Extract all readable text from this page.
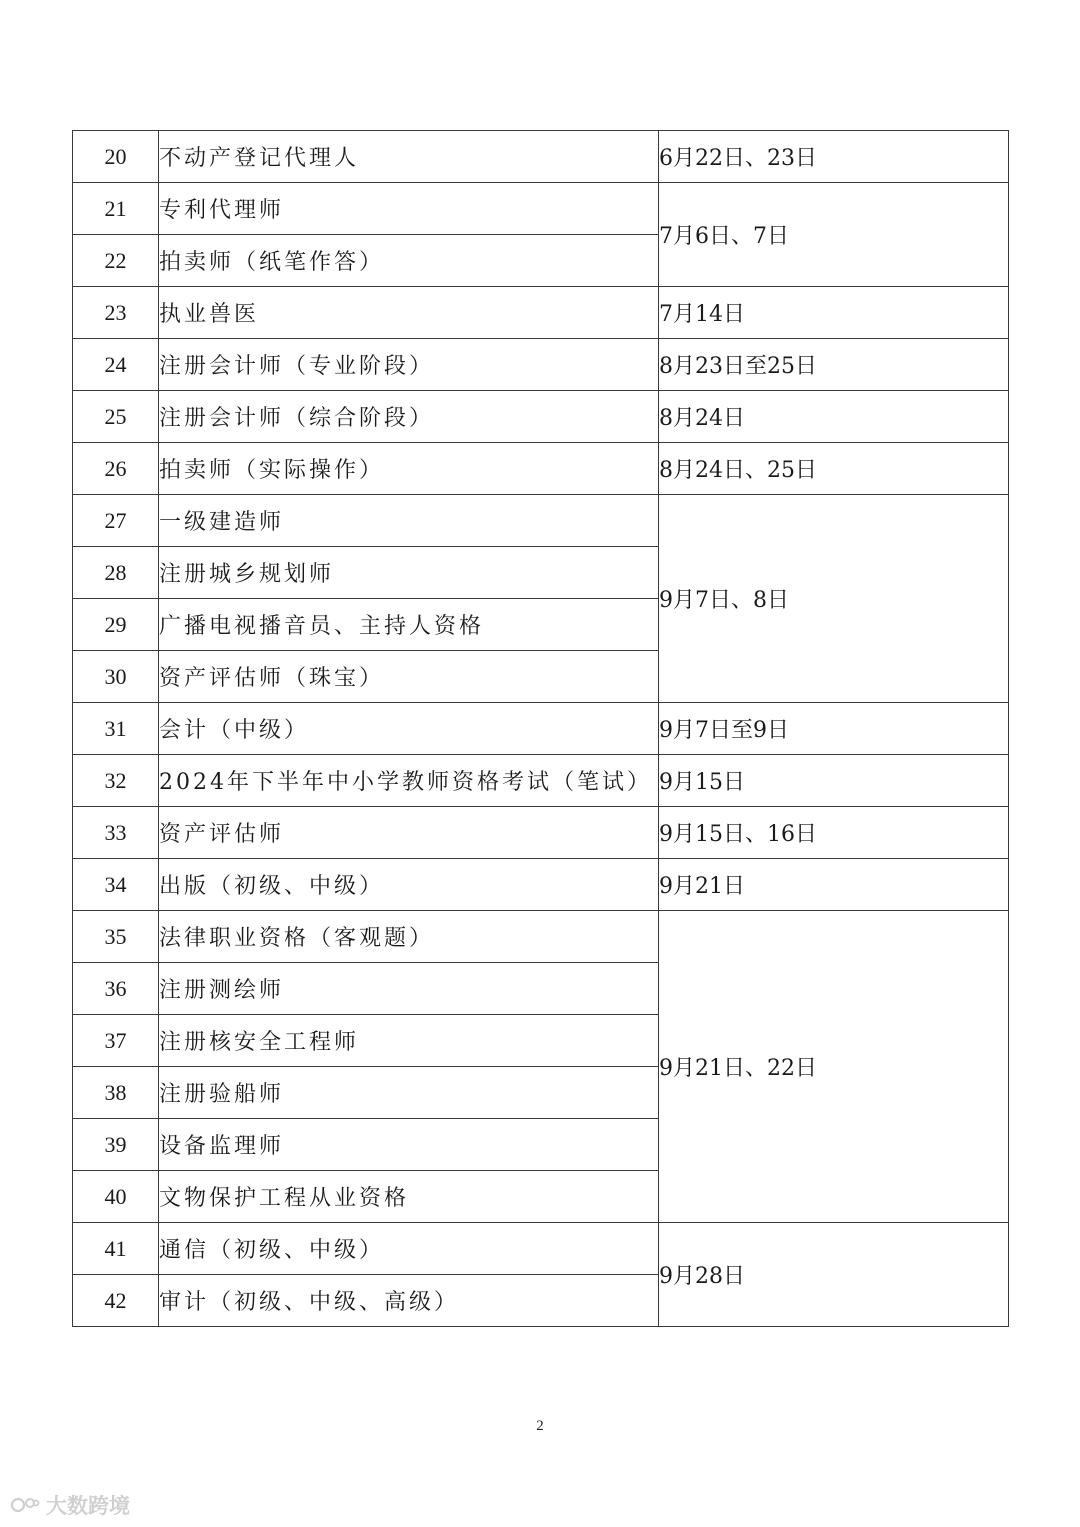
20	不动产登记代理人	6月22日、23日
21	专利代理师	7月6日、7日
22	拍卖师（纸笔作答）	
23	执业兽医	7月14日
24	注册会计师（专业阶段）	8月23日至25日
25	注册会计师（综合阶段）	8月24日
26	拍卖师（实际操作）	8月24日、25日
27	一级建造师	9月7日、8日
28	注册城乡规划师	
29	广播电视播音员、主持人资格	
30	资产评估师（珠宝）	
31	会计（中级）	9月7日至9日
32	2024年下半年中小学教师资格考试（笔试）	9月15日
33	资产评估师	9月15日、16日
34	出版（初级、中级）	9月21日
35	法律职业资格（客观题）	9月21日、22日
36	注册测绘师	
37	注册核安全工程师	
38	注册验船师	
39	设备监理师	
40	文物保护工程从业资格	
41	通信（初级、中级）	9月28日
42	审计（初级、中级、高级）	
2
大数跨境
